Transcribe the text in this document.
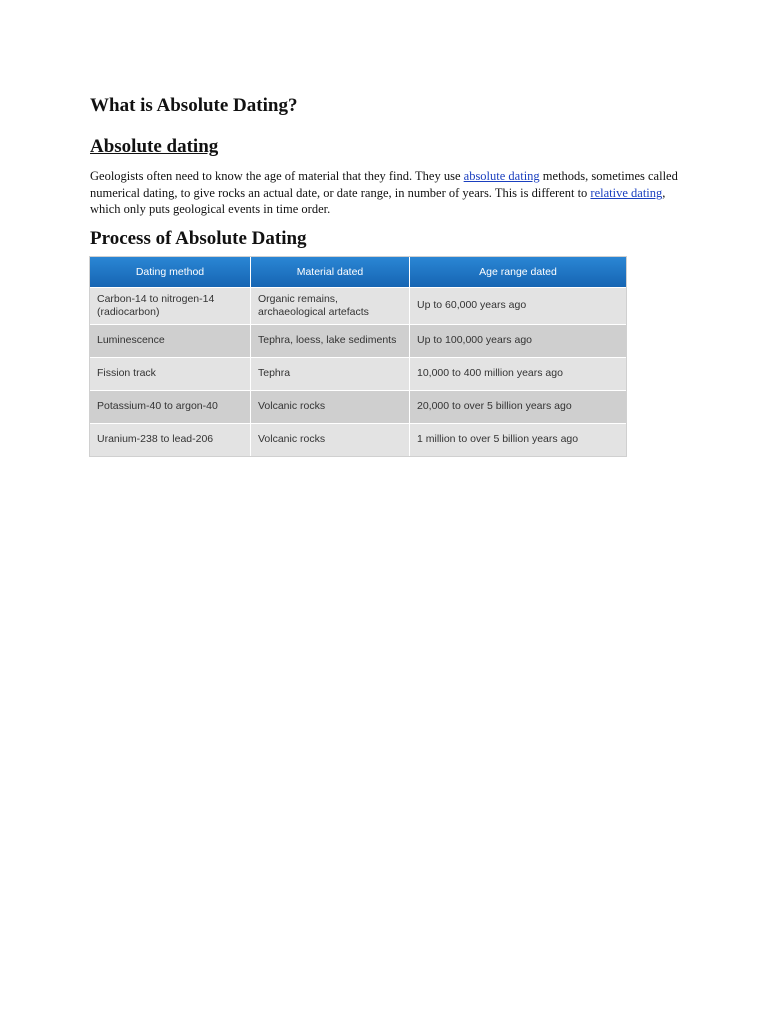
What is Absolute Dating?
Absolute dating

Geologists often need to know the age of material that they find. They use absolute dating methods, sometimes called numerical dating, to give rocks an actual date, or date range, in number of years. This is different to relative dating, which only puts geological events in time order.

Process of Absolute Dating
Dating method	Material dated	Age range dated
Carbon-14 to nitrogen-14 (radiocarbon)	Organic remains, archaeological artefacts	Up to 60,000 years ago
Luminescence	Tephra, loess, lake sediments	Up to 100,000 years ago
Fission track	Tephra	10,000 to 400 million years ago
Potassium-40 to argon-40	Volcanic rocks	20,000 to over 5 billion years ago
Uranium-238 to lead-206	Volcanic rocks	1 million to over 5 billion years ago
